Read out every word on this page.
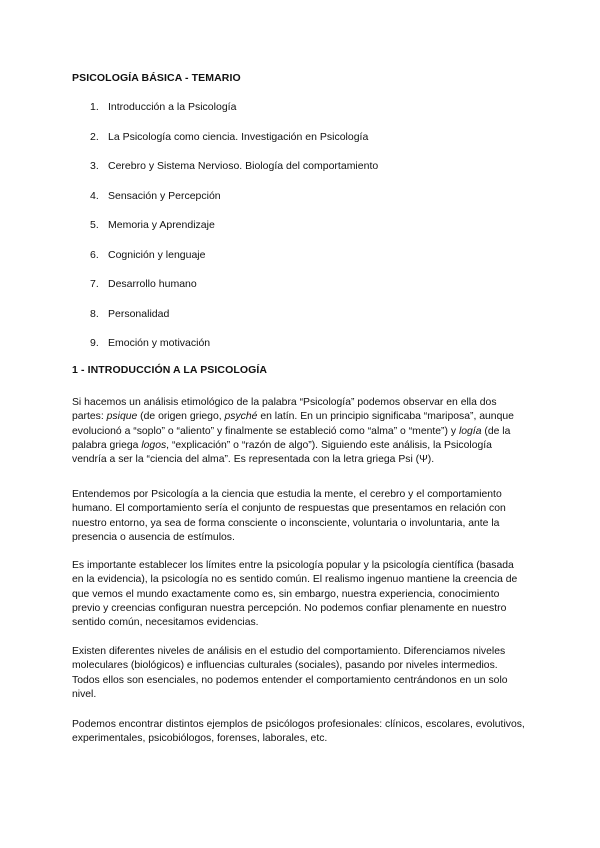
PSICOLOGÍA BÁSICA - TEMARIO
1. Introducción a la Psicología
2. La Psicología como ciencia. Investigación en Psicología
3. Cerebro y Sistema Nervioso. Biología del comportamiento
4. Sensación y Percepción
5. Memoria y Aprendizaje
6. Cognición y lenguaje
7. Desarrollo humano
8. Personalidad
9. Emoción y motivación
1 - INTRODUCCIÓN A LA PSICOLOGÍA

Si hacemos un análisis etimológico de la palabra “Psicología” podemos observar en ella dos partes: psique (de origen griego, psyché en latín. En un principio significaba “mariposa”, aunque evolucionó a “soplo” o “aliento” y finalmente se estableció como “alma” o “mente”) y logía (de la palabra griega logos, “explicación” o “razón de algo”). Siguiendo este análisis, la Psicología vendría a ser la “ciencia del alma”. Es representada con la letra griega Psi (Ψ).

Entendemos por Psicología a la ciencia que estudia la mente, el cerebro y el comportamiento humano. El comportamiento sería el conjunto de respuestas que presentamos en relación con nuestro entorno, ya sea de forma consciente o inconsciente, voluntaria o involuntaria, ante la presencia o ausencia de estímulos.

Es importante establecer los límites entre la psicología popular y la psicología científica (basada en la evidencia), la psicología no es sentido común. El realismo ingenuo mantiene la creencia de que vemos el mundo exactamente como es, sin embargo, nuestra experiencia, conocimiento previo y creencias configuran nuestra percepción. No podemos confiar plenamente en nuestro sentido común, necesitamos evidencias.

Existen diferentes niveles de análisis en el estudio del comportamiento. Diferenciamos niveles moleculares (biológicos) e influencias culturales (sociales), pasando por niveles intermedios. Todos ellos son esenciales, no podemos entender el comportamiento centrándonos en un solo nivel.

Podemos encontrar distintos ejemplos de psicólogos profesionales: clínicos, escolares, evolutivos, experimentales, psicobiólogos, forenses, laborales, etc.
